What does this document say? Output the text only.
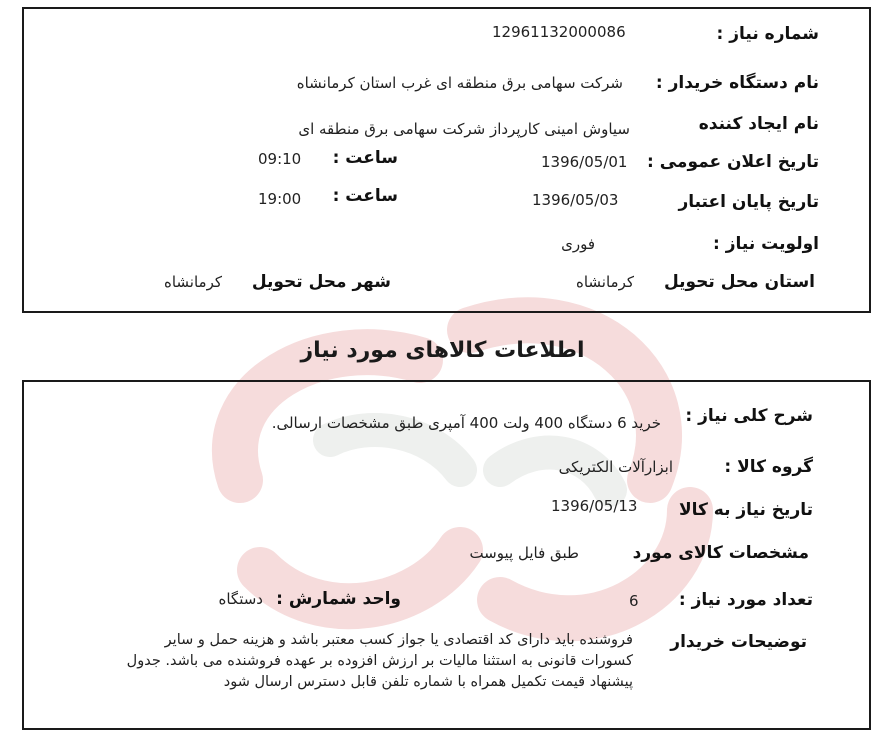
شماره نیاز :
12961132000086
نام دستگاه خریدار :
شرکت سهامی برق منطقه ای غرب استان کرمانشاه
نام ایجاد کننده
سیاوش امینی کارپرداز شرکت سهامی برق منطقه ای
تاریخ اعلان عمومی :
1396/05/01
ساعت :
09:10
تاریخ پایان اعتبار
1396/05/03
ساعت :
19:00
اولویت نیاز :
فوری
استان محل تحویل
کرمانشاه
شهر محل تحویل
کرمانشاه
اطلاعات کالاهای مورد نیاز
شرح کلی نیاز :
خرید 6 دستگاه 400 ولت 400 آمپری طبق مشخصات ارسالی.
گروه کالا :
ابزارآلات الکتریکی
تاریخ نیاز به کالا
1396/05/13
مشخصات کالای مورد
طبق فایل پیوست
تعداد مورد نیاز :
6
واحد شمارش :
دستگاه
توضیحات خریدار
فروشنده باید دارای کد اقتصادی یا جواز کسب معتبر باشد و هزینه حمل و سایر
کسورات قانونی به استثنا مالیات بر ارزش افزوده بر عهده فروشنده می باشد. جدول
پیشنهاد قیمت تکمیل همراه با شماره تلفن قابل دسترس ارسال شود
